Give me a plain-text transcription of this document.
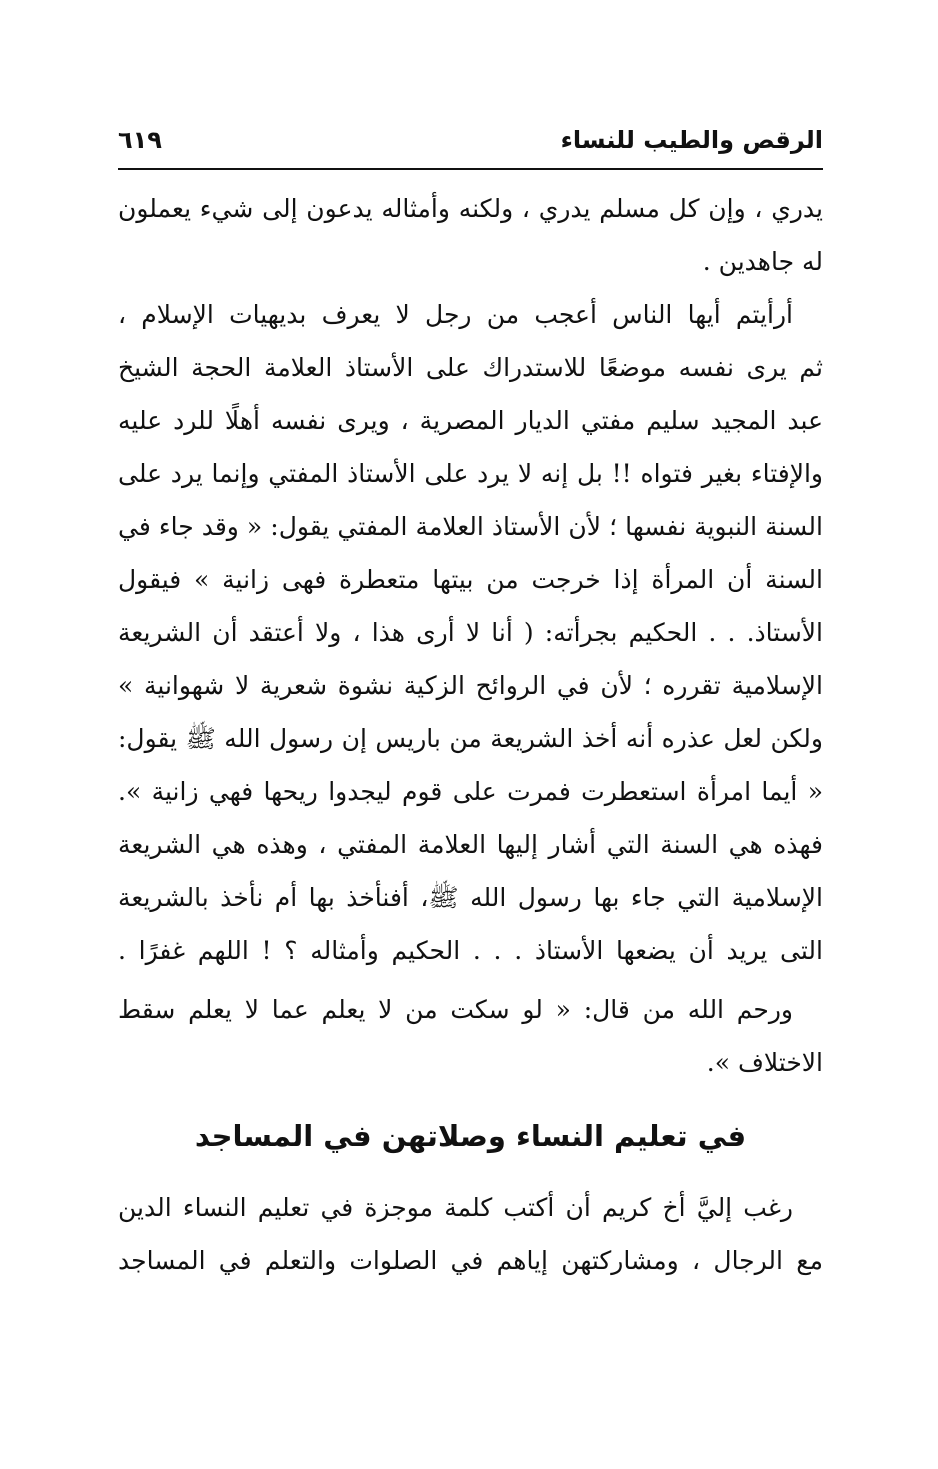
الرقص والطيب للنساء
٦١٩
يدري ، وإن كل مسلم يدري ، ولكنه وأمثاله يدعون إلى شيء يعملون
له جاهدين .
أرأيتم أيها الناس أعجب من رجل لا يعرف بديهيات الإسلام ،
ثم يرى نفسه موضعًا للاستدراك على الأستاذ العلامة الحجة الشيخ
عبد المجيد سليم مفتي الديار المصرية ، ويرى نفسه أهلًا للرد عليه
والإفتاء بغير فتواه !! بل إنه لا يرد على الأستاذ المفتي وإنما يرد على
السنة النبوية نفسها ؛ لأن الأستاذ العلامة المفتي يقول: « وقد جاء في
السنة أن المرأة إذا خرجت من بيتها متعطرة فهى زانية » فيقول
الأستاذ. . . الحكيم بجرأته: ( أنا لا أرى هذا ، ولا أعتقد أن الشريعة
الإسلامية تقرره ؛ لأن في الروائح الزكية نشوة شعرية لا شهوانية »
ولكن لعل عذره أنه أخذ الشريعة من باريس إن رسول الله ﷺ يقول:
« أيما امرأة استعطرت فمرت على قوم ليجدوا ريحها فهي زانية ».
فهذه هي السنة التي أشار إليها العلامة المفتي ، وهذه هي الشريعة
الإسلامية التي جاء بها رسول الله ﷺ، أفنأخذ بها أم نأخذ بالشريعة
التى يريد أن يضعها الأستاذ . . . الحكيم وأمثاله ؟ ! اللهم غفرًا .
ورحم الله من قال: « لو سكت من لا يعلم عما لا يعلم سقط
الاختلاف ».
في تعليم النساء وصلاتهن في المساجد
رغب إليَّ أخ كريم أن أكتب كلمة موجزة في تعليم النساء الدين
مع الرجال ، ومشاركتهن إياهم في الصلوات والتعلم في المساجد
